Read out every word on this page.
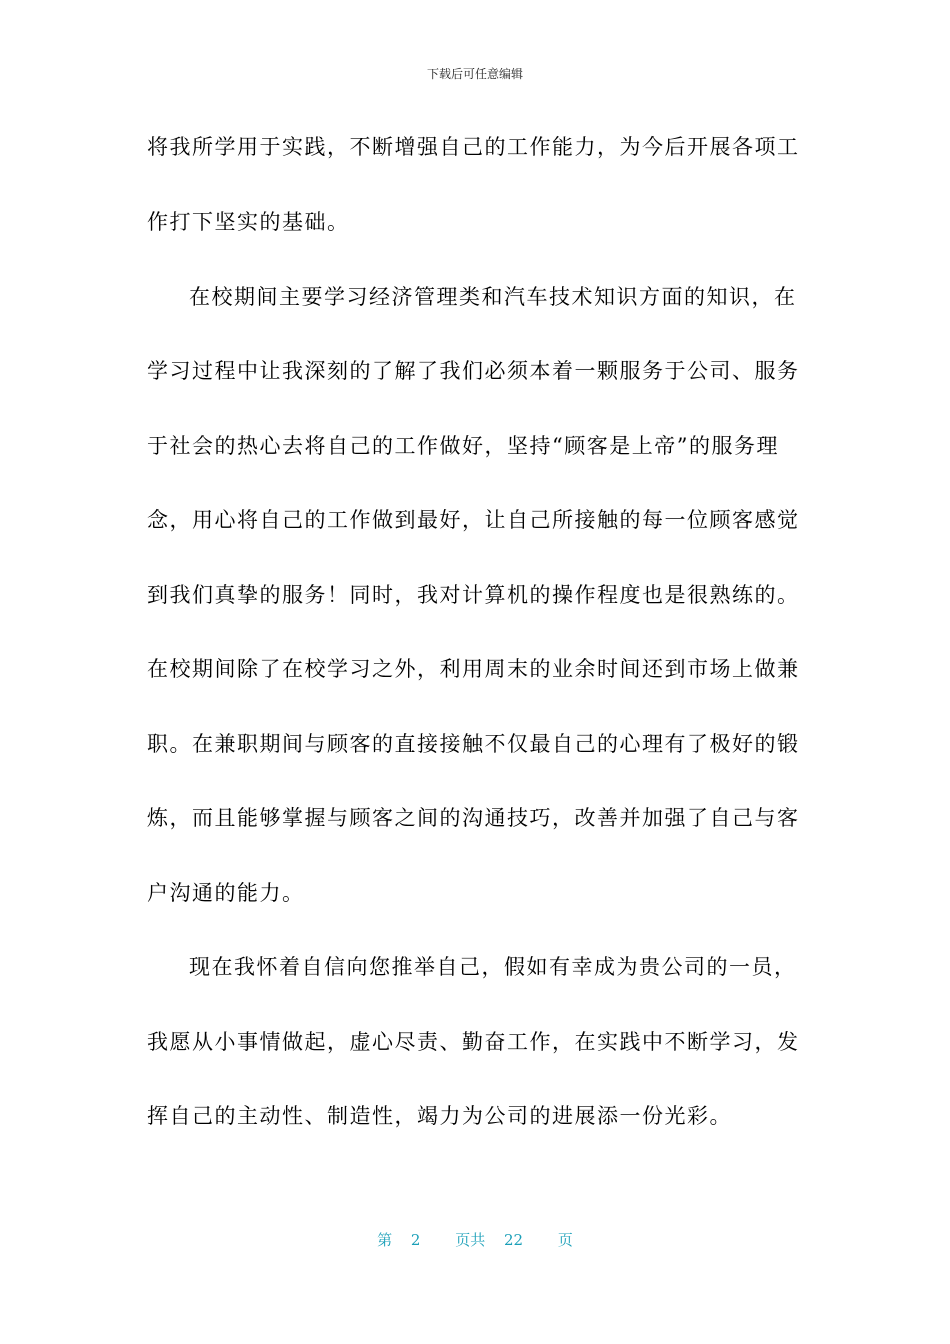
下载后可任意编辑
将我所学用于实践，不断增强自己的工作能力，为今后开展各项工
作打下坚实的基础。
在校期间主要学习经济管理类和汽车技术知识方面的知识，在
学习过程中让我深刻的了解了我们必须本着一颗服务于公司、服务
于社会的热心去将自己的工作做好，坚持“顾客是上帝”的服务理
念，用心将自己的工作做到最好，让自己所接触的每一位顾客感觉
到我们真挚的服务！同时，我对计算机的操作程度也是很熟练的。
在校期间除了在校学习之外，利用周末的业余时间还到市场上做兼
职。在兼职期间与顾客的直接接触不仅最自己的心理有了极好的锻
炼，而且能够掌握与顾客之间的沟通技巧，改善并加强了自己与客
户沟通的能力。
现在我怀着自信向您推举自己，假如有幸成为贵公司的一员，
我愿从小事情做起，虚心尽责、勤奋工作，在实践中不断学习，发
挥自己的主动性、制造性，竭力为公司的进展添一份光彩。
第 2 页共 22 页
